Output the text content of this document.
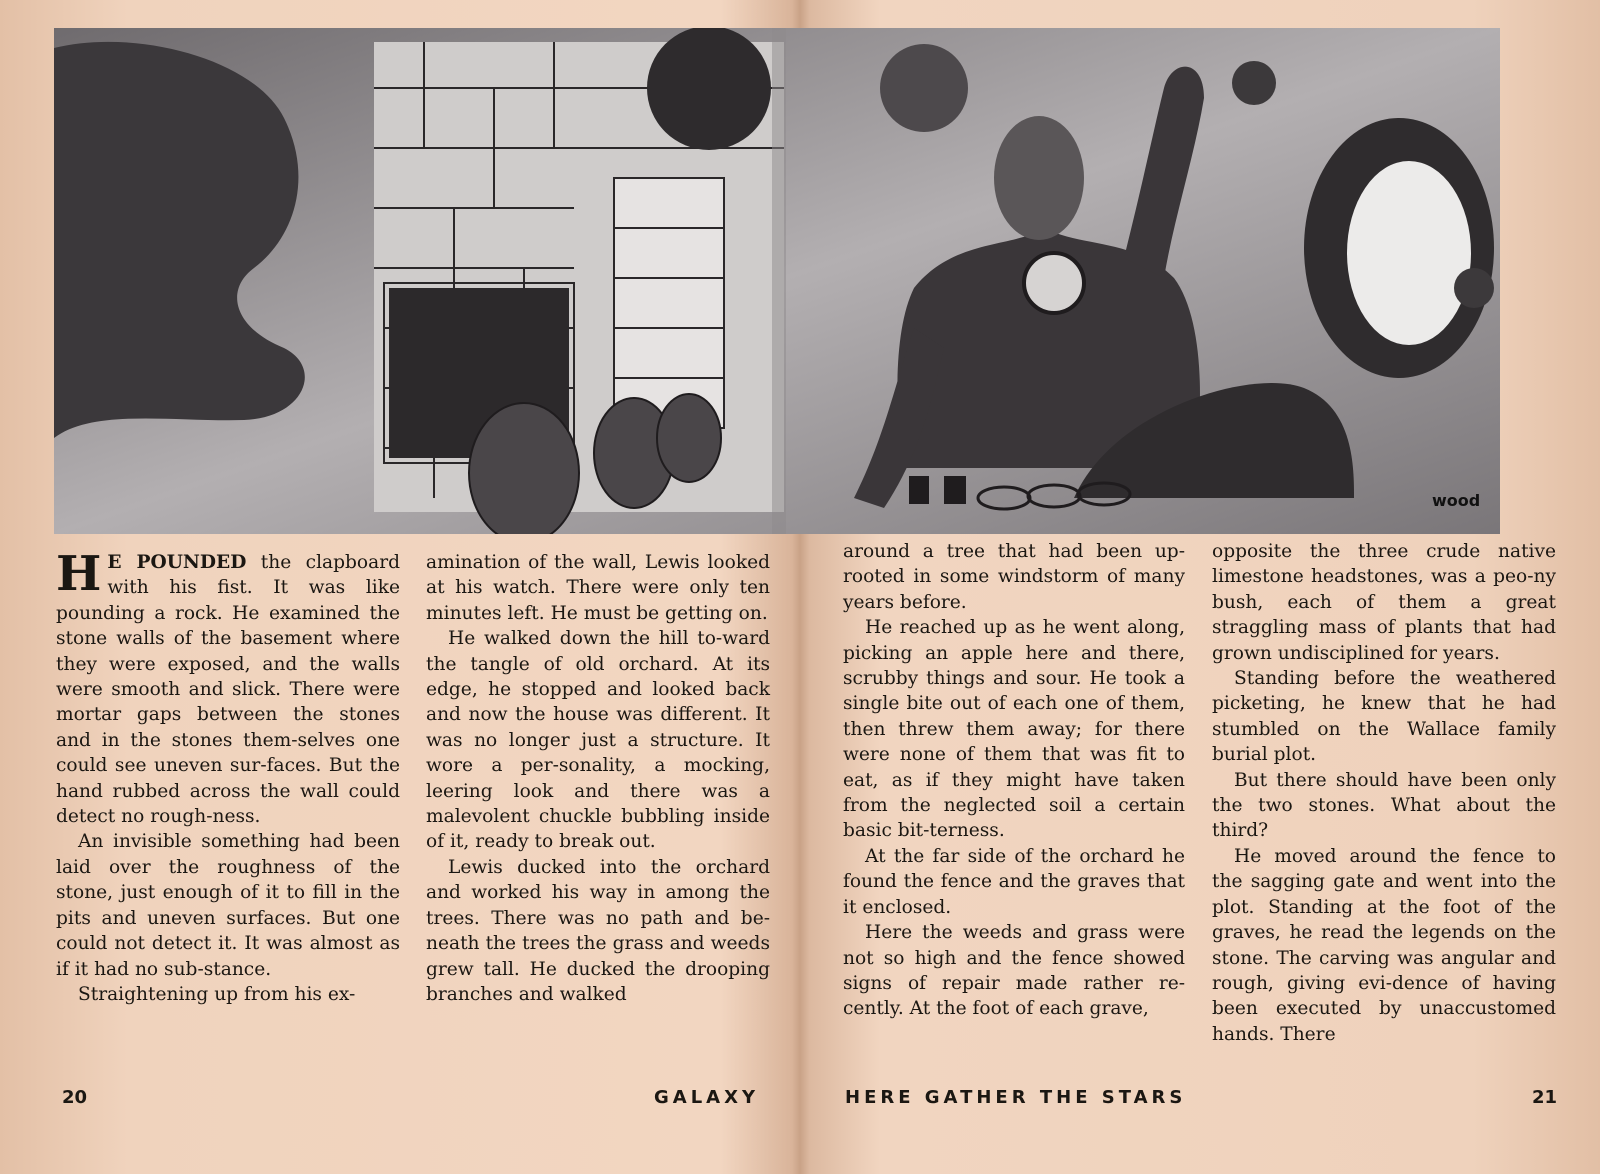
wood

H E POUNDED the clapboard with his fist. It was like pounding a rock. He examined the stone walls of the basement where they were exposed, and the walls were smooth and slick. There were mortar gaps between the stones and in the stones them-selves one could see uneven sur-faces. But the hand rubbed across the wall could detect no rough-ness.

An invisible something had been laid over the roughness of the stone, just enough of it to fill in the pits and uneven surfaces. But one could not detect it. It was almost as if it had no sub-stance.

Straightening up from his ex-

amination of the wall, Lewis looked at his watch. There were only ten minutes left. He must be getting on.

He walked down the hill to-ward the tangle of old orchard. At its edge, he stopped and looked back and now the house was different. It was no longer just a structure. It wore a per-sonality, a mocking, leering look and there was a malevolent chuckle bubbling inside of it, ready to break out.

Lewis ducked into the orchard and worked his way in among the trees. There was no path and be-neath the trees the grass and weeds grew tall. He ducked the drooping branches and walked

around a tree that had been up-rooted in some windstorm of many years before.

He reached up as he went along, picking an apple here and there, scrubby things and sour. He took a single bite out of each one of them, then threw them away; for there were none of them that was fit to eat, as if they might have taken from the neglected soil a certain basic bit-terness.

At the far side of the orchard he found the fence and the graves that it enclosed.

Here the weeds and grass were not so high and the fence showed signs of repair made rather re-cently. At the foot of each grave,

opposite the three crude native limestone headstones, was a peo-ny bush, each of them a great straggling mass of plants that had grown undisciplined for years.

Standing before the weathered picketing, he knew that he had stumbled on the Wallace family burial plot.

But there should have been only the two stones. What about the third?

He moved around the fence to the sagging gate and went into the plot. Standing at the foot of the graves, he read the legends on the stone. The carving was angular and rough, giving evi-dence of having been executed by unaccustomed hands. There

20	GALAXY	HERE GATHER THE STARS	21
